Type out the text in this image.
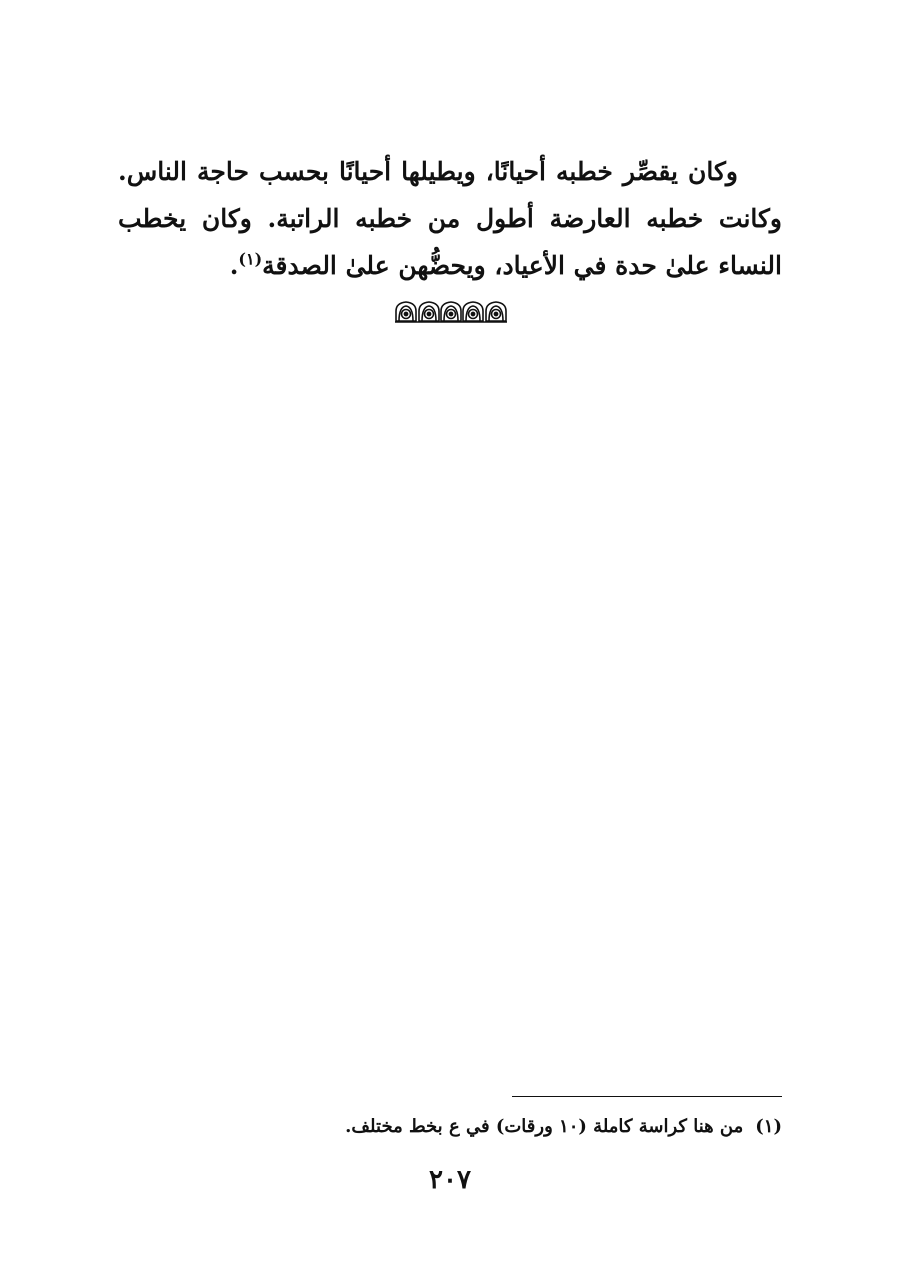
وكان يقصِّر خطبه أحيانًا، ويطيلها أحيانًا بحسب حاجة الناس. وكانت خطبه العارضة أطول من خطبه الراتبة. وكان يخطب النساء علىٰ حدة في الأعياد، ويحضُّهن علىٰ الصدقة$^{(١)}$.

(١)من هنا كراسة كاملة (١٠ ورقات) في ع بخط مختلف.
٢٠٧
